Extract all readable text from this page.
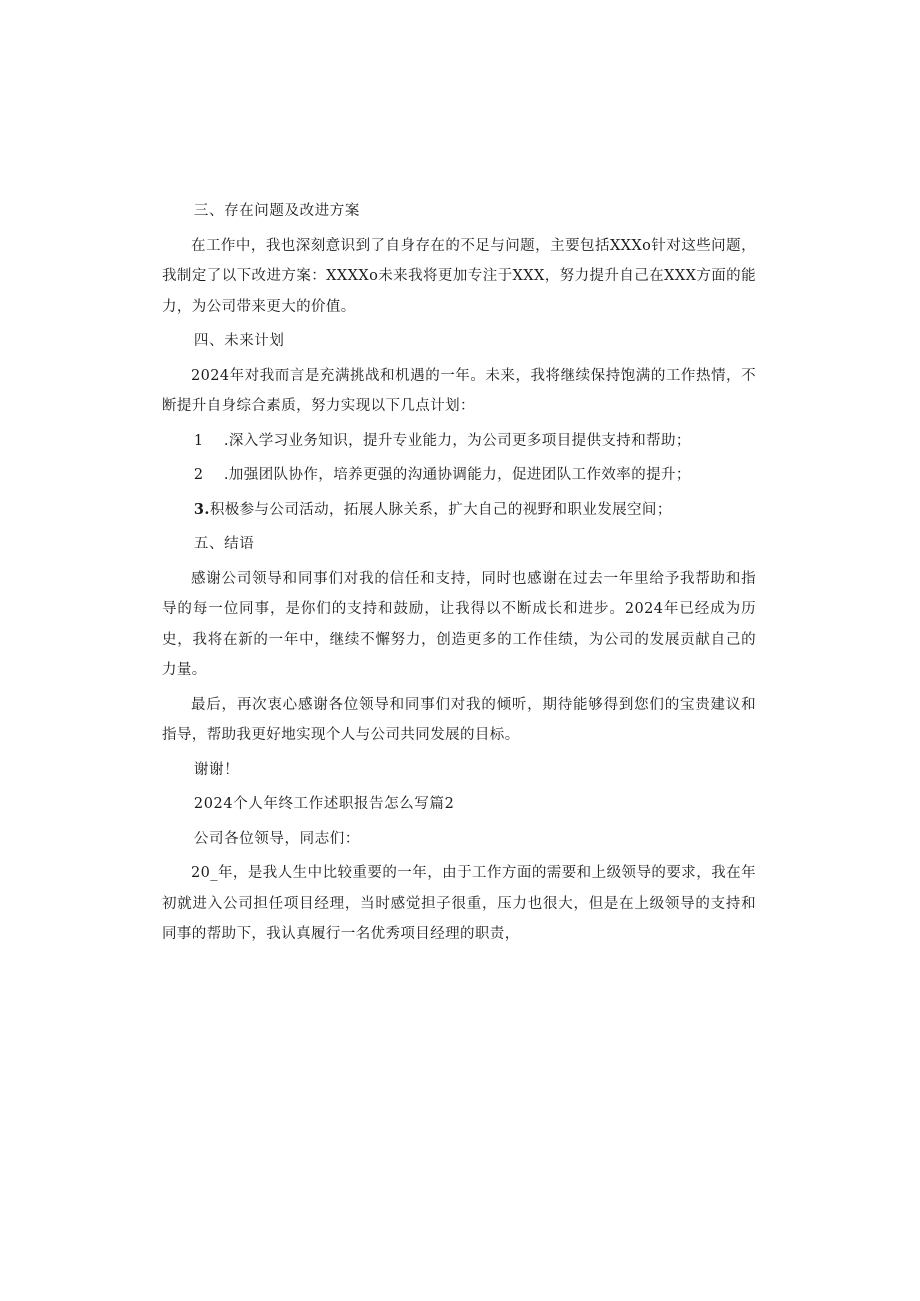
三、存在问题及改进方案

在工作中，我也深刻意识到了自身存在的不足与问题，主要包括XXXo针对这些问题，我制定了以下改进方案：XXXXo未来我将更加专注于XXX，努力提升自己在XXX方面的能力，为公司带来更大的价值。

四、未来计划

2024年对我而言是充满挑战和机遇的一年。未来，我将继续保持饱满的工作热情，不断提升自身综合素质，努力实现以下几点计划：

1 .深入学习业务知识，提升专业能力，为公司更多项目提供支持和帮助；

2 .加强团队协作，培养更强的沟通协调能力，促进团队工作效率的提升；

3.积极参与公司活动，拓展人脉关系，扩大自己的视野和职业发展空间；

五、结语

感谢公司领导和同事们对我的信任和支持，同时也感谢在过去一年里给予我帮助和指导的每一位同事，是你们的支持和鼓励，让我得以不断成长和进步。2024年已经成为历史，我将在新的一年中，继续不懈努力，创造更多的工作佳绩，为公司的发展贡献自己的力量。

最后，再次衷心感谢各位领导和同事们对我的倾听，期待能够得到您们的宝贵建议和指导，帮助我更好地实现个人与公司共同发展的目标。

谢谢！

2024个人年终工作述职报告怎么写篇2

公司各位领导，同志们：

20_年，是我人生中比较重要的一年，由于工作方面的需要和上级领导的要求，我在年初就进入公司担任项目经理，当时感觉担子很重，压力也很大，但是在上级领导的支持和同事的帮助下，我认真履行一名优秀项目经理的职责，
